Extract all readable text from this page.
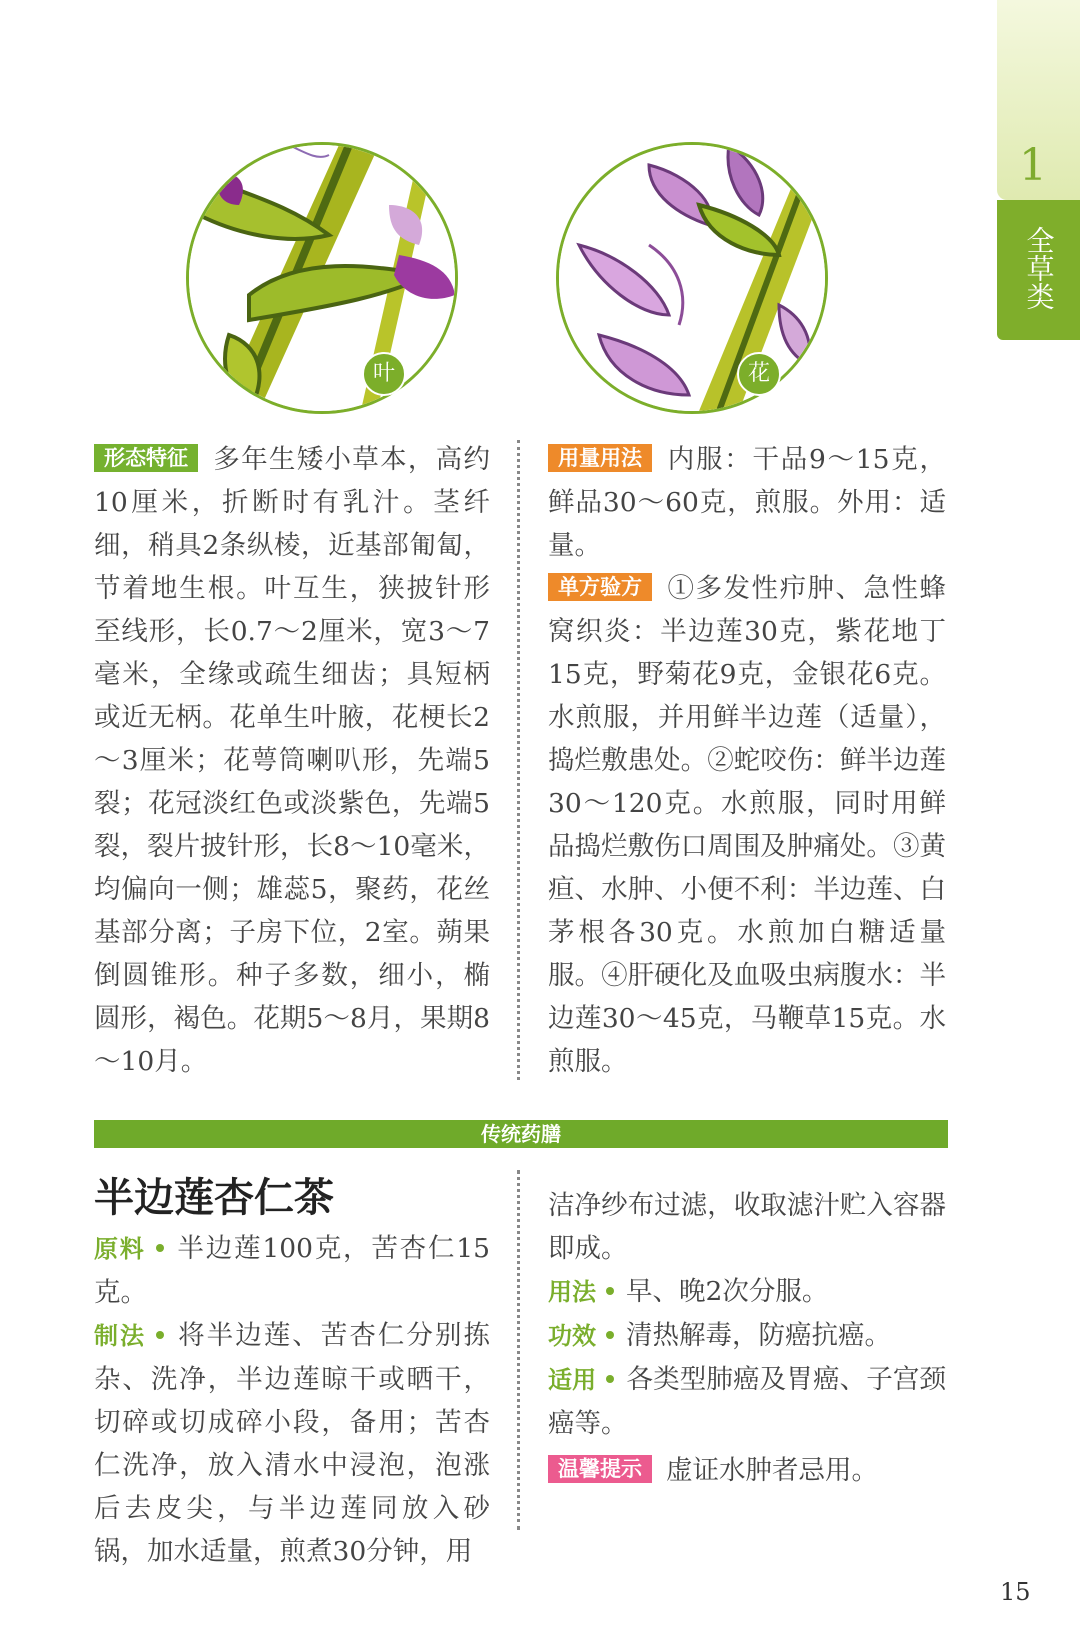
1
全草类
叶	花
形态特征 多年生矮小草本，高约10厘米，折断时有乳汁。茎纤细，稍具2条纵棱，近基部匍匐，节着地生根。叶互生，狭披针形至线形，长0.7～2厘米，宽3～7毫米，全缘或疏生细齿；具短柄或近无柄。花单生叶腋，花梗长2～3厘米；花萼筒喇叭形，先端5裂；花冠淡红色或淡紫色，先端5裂，裂片披针形，长8～10毫米，均偏向一侧；雄蕊5，聚药，花丝基部分离；子房下位，2室。蒴果倒圆锥形。种子多数，细小，椭圆形，褐色。花期5～8月，果期8～10月。
用量用法 内服：干品9～15克，鲜品30～60克，煎服。外用：适量。
单方验方 ①多发性疖肿、急性蜂窝织炎：半边莲30克，紫花地丁15克，野菊花9克，金银花6克。水煎服，并用鲜半边莲（适量），捣烂敷患处。②蛇咬伤：鲜半边莲30～120克。水煎服，同时用鲜品捣烂敷伤口周围及肿痛处。③黄疸、水肿、小便不利：半边莲、白茅根各30克。水煎加白糖适量服。④肝硬化及血吸虫病腹水：半边莲30～45克，马鞭草15克。水煎服。
传统药膳
半边莲杏仁茶
原料 半边莲100克，苦杏仁15克。
制法 将半边莲、苦杏仁分别拣杂、洗净，半边莲晾干或晒干，切碎或切成碎小段，备用；苦杏仁洗净，放入清水中浸泡，泡涨后去皮尖，与半边莲同放入砂锅，加水适量，煎煮30分钟，用
洁净纱布过滤，收取滤汁贮入容器即成。
用法 早、晚2次分服。
功效 清热解毒，防癌抗癌。
适用 各类型肺癌及胃癌、子宫颈癌等。
温馨提示 虚证水肿者忌用。
15
